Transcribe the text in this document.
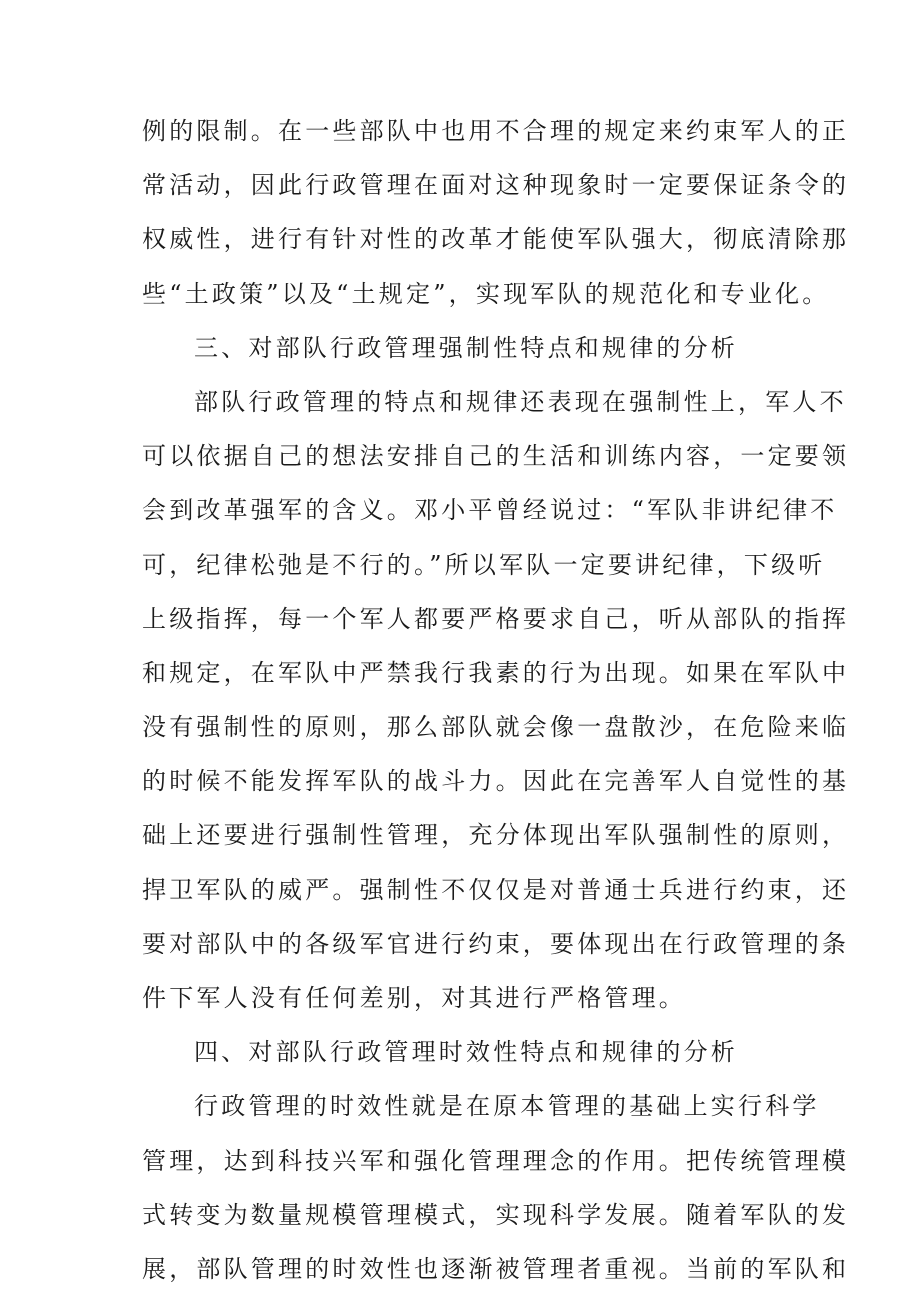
例的限制。在一些部队中也用不合理的规定来约束军人的正
常活动，因此行政管理在面对这种现象时一定要保证条令的
权威性，进行有针对性的改革才能使军队强大，彻底清除那
些“土政策”以及“土规定”，实现军队的规范化和专业化。
三、对部队行政管理强制性特点和规律的分析
部队行政管理的特点和规律还表现在强制性上，军人不
可以依据自己的想法安排自己的生活和训练内容，一定要领
会到改革强军的含义。邓小平曾经说过：“军队非讲纪律不
可，纪律松弛是不行的。”所以军队一定要讲纪律，下级听
上级指挥，每一个军人都要严格要求自己，听从部队的指挥
和规定，在军队中严禁我行我素的行为出现。如果在军队中
没有强制性的原则，那么部队就会像一盘散沙，在危险来临
的时候不能发挥军队的战斗力。因此在完善军人自觉性的基
础上还要进行强制性管理，充分体现出军队强制性的原则，
捍卫军队的威严。强制性不仅仅是对普通士兵进行约束，还
要对部队中的各级军官进行约束，要体现出在行政管理的条
件下军人没有任何差别，对其进行严格管理。
四、对部队行政管理时效性特点和规律的分析
行政管理的时效性就是在原本管理的基础上实行科学
管理，达到科技兴军和强化管理理念的作用。把传统管理模
式转变为数量规模管理模式，实现科学发展。随着军队的发
展，部队管理的时效性也逐渐被管理者重视。当前的军队和
